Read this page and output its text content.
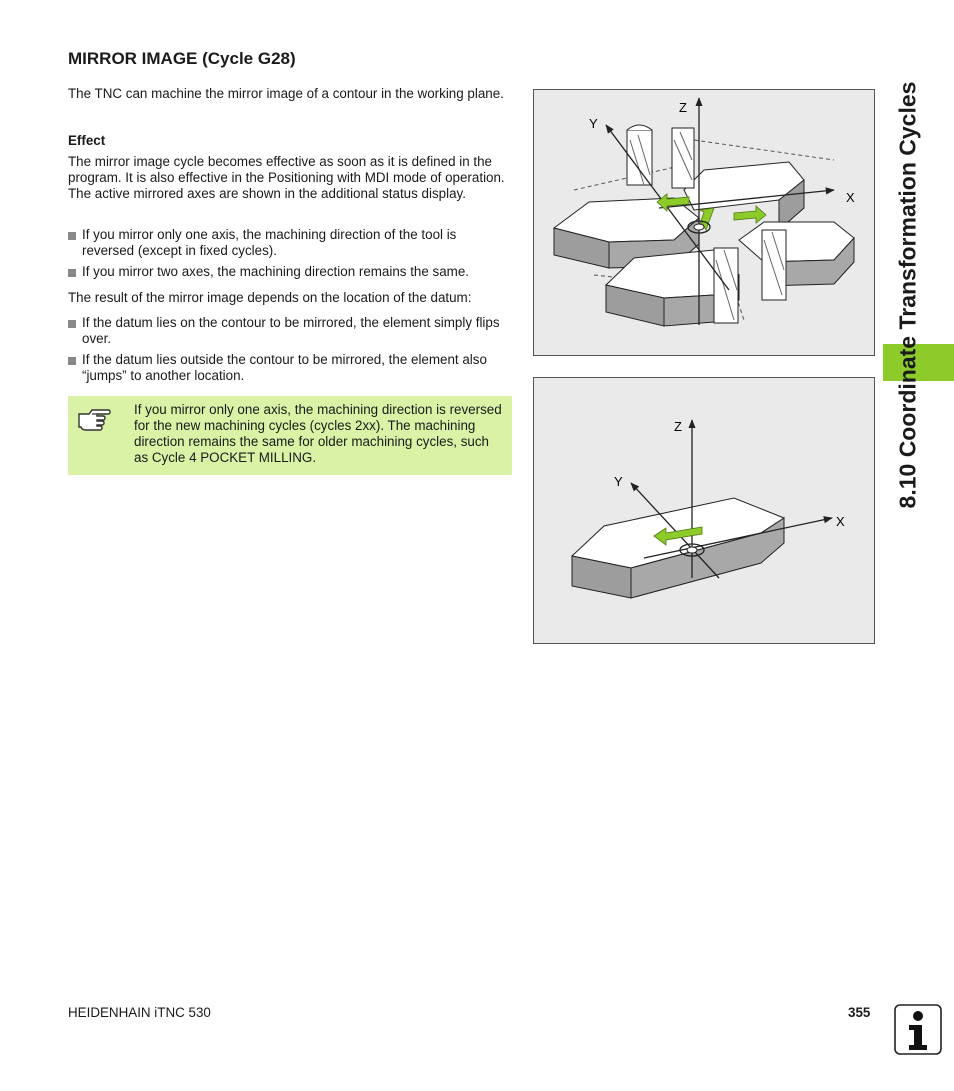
MIRROR IMAGE (Cycle G28)

The TNC can machine the mirror image of a contour in the working plane.

Effect

The mirror image cycle becomes effective as soon as it is defined in the program. It is also effective in the Positioning with MDI mode of operation. The active mirrored axes are shown in the additional status display.

If you mirror only one axis, the machining direction of the tool is reversed (except in fixed cycles).
If you mirror two axes, the machining direction remains the same.

The result of the mirror image depends on the location of the datum:

If the datum lies on the contour to be mirrored, the element simply flips over.
If the datum lies outside the contour to be mirrored, the element also “jumps” to another location.
If you mirror only one axis, the machining direction is reversed for the new machining cycles (cycles 2xx). The machining direction remains the same for older machining cycles, such as Cycle 4 POCKET MILLING.
Z
Y
X
Z
Y
X
8.10 Coordinate Transformation Cycles
HEIDENHAIN iTNC 530	355
